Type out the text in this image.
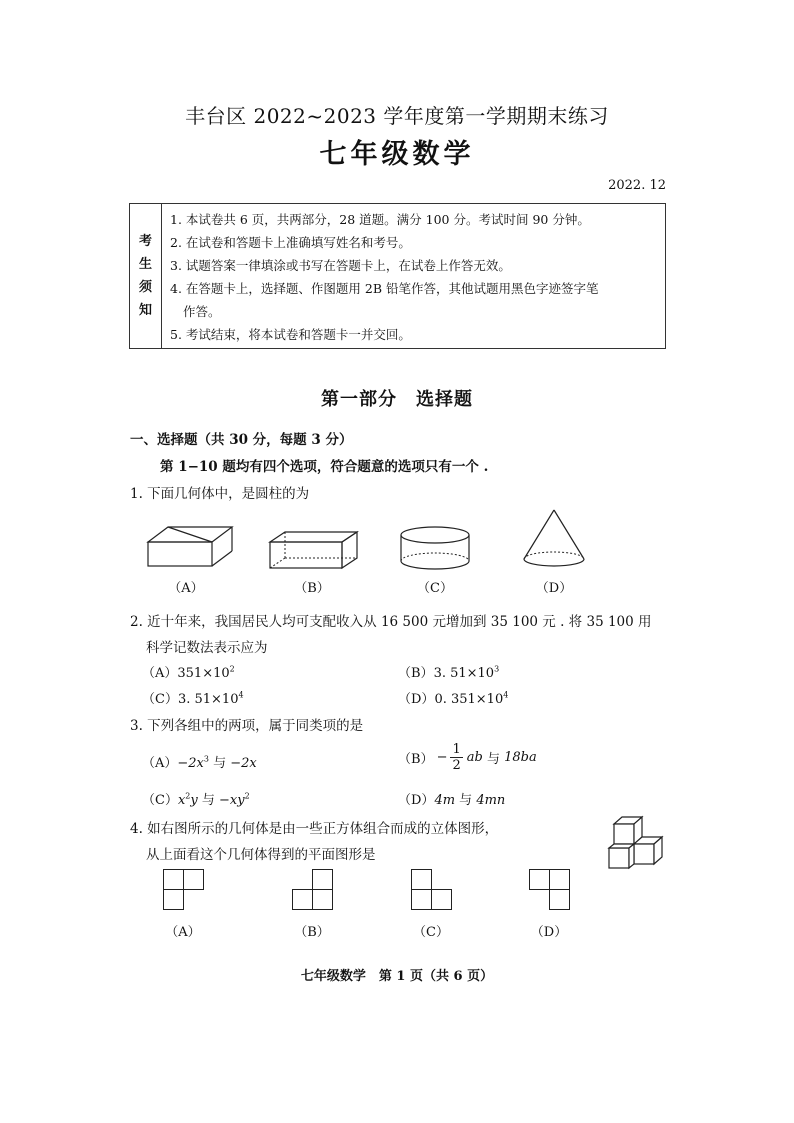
丰台区 2022~2023 学年度第一学期期末练习
七年级数学
2022. 12
考
生
须
知
1. 本试卷共 6 页，共两部分，28 道题。满分 100 分。考试时间 90 分钟。
2. 在试卷和答题卡上准确填写姓名和考号。
3. 试题答案一律填涂或书写在答题卡上，在试卷上作答无效。
4. 在答题卡上，选择题、作图题用 2B 铅笔作答，其他试题用黑色字迹签字笔
作答。
5. 考试结束，将本试卷和答题卡一并交回。
第一部分　选择题
一、选择题（共 30 分，每题 3 分）
第 1−10 题均有四个选项，符合题意的选项只有一个 .
1. 下面几何体中，是圆柱的为
（A）	（B）	（C）	（D）
2. 近十年来，我国居民人均可支配收入从 16 500 元增加到 35 100 元 . 将 35 100 用
科学记数法表示应为
$(A)351\times 10^2$	（B）3. $51\times 10^3$
（C）3. $51\times 10^4$	（D）0. $351\times 10^4$
3. 下列各组中的两项，属于同类项的是
$(A)-2x^3$ 与 −2x	$(B) - \frac{1}{2}$ ab 与 18ba
$(C)x^2y$ 与 $-xy^2$	（D）4m 与 4mn
4. 如右图所示的几何体是由一些正方体组合而成的立体图形，
从上面看这个几何体得到的平面图形是
（A）	（B）	（C）	（D）
七年级数学　第 1 页（共 6 页）
